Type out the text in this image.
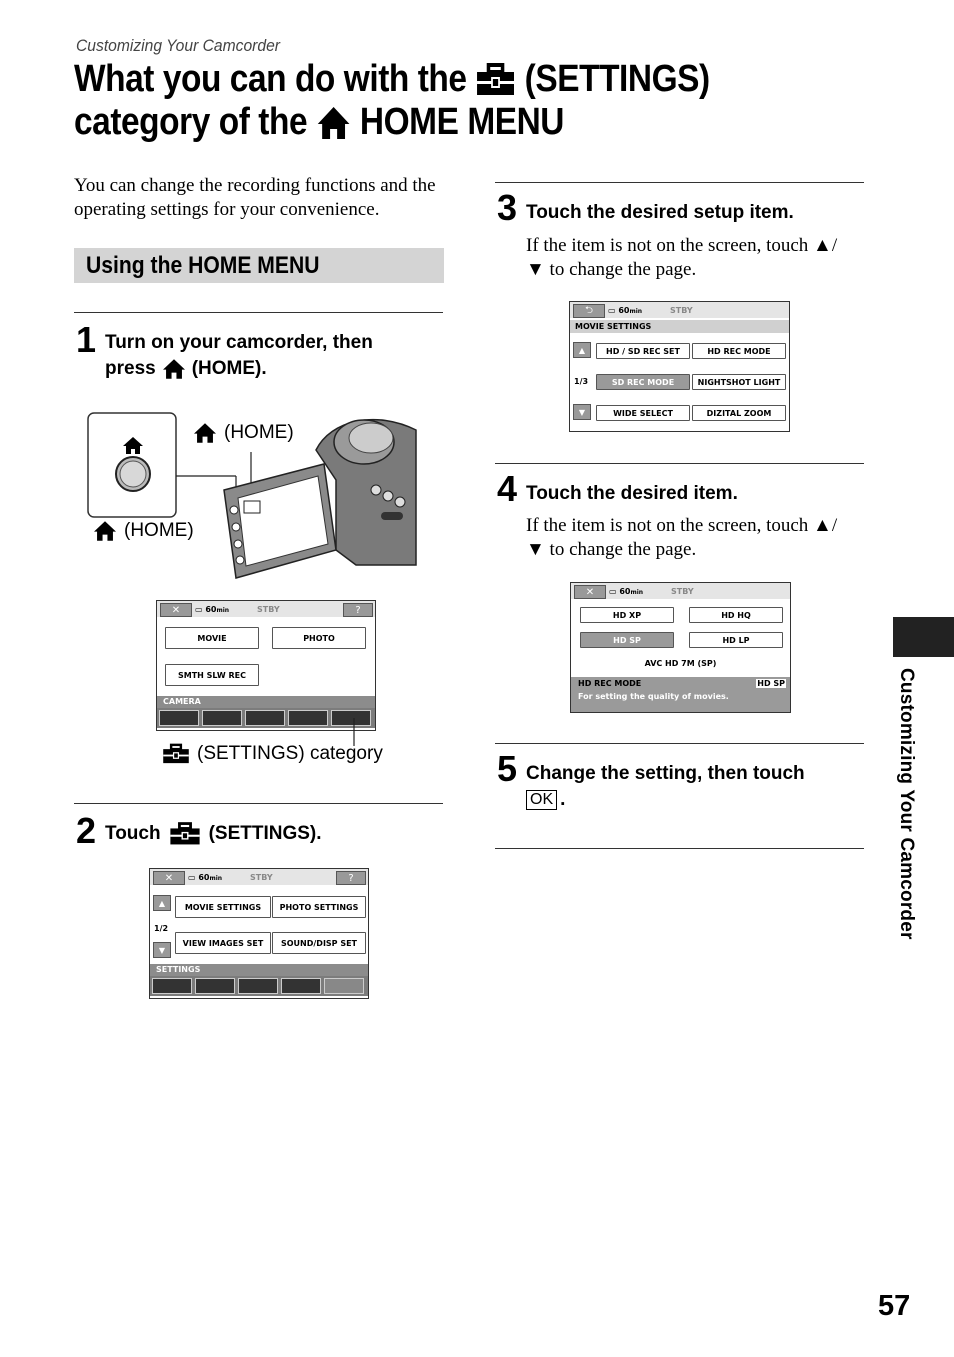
Customizing Your Camcorder
What you can do with the (SETTINGS)
category of the HOME MENU
You can change the recording functions and the operating settings for your convenience.
Using the HOME MENU
1 Turn on your camcorder, then
press (HOME).
(HOME)
(HOME)
✕	▭ 60min	STBY	?
MOVIE	PHOTO
SMTH SLW REC
CAMERA
(SETTINGS) category
2 Touch	(SETTINGS).
✕	▭ 60min	STBY	?
▲
1/2
▼
MOVIE SETTINGS	PHOTO SETTINGS
VIEW IMAGES SET	SOUND/DISP SET
SETTINGS
3 Touch the desired setup item.
If the item is not on the screen, touch ▲/
▼ to change the page.
⮌	▭ 60min	STBY
MOVIE SETTINGS
▲
1/3
▼
HD / SD REC SET	HD REC MODE
SD REC MODE	NIGHTSHOT LIGHT
WIDE SELECT	DIZITAL ZOOM
4 Touch the desired item.
If the item is not on the screen, touch ▲/
▼ to change the page.
✕	▭ 60min	STBY
HD XP	HD HQ
HD SP	HD LP
AVC HD 7M (SP)
HD REC MODE	HD SP
For setting the quality of movies.
5 Change the setting, then touch
OK .	Customizing Your Camcorder
57
